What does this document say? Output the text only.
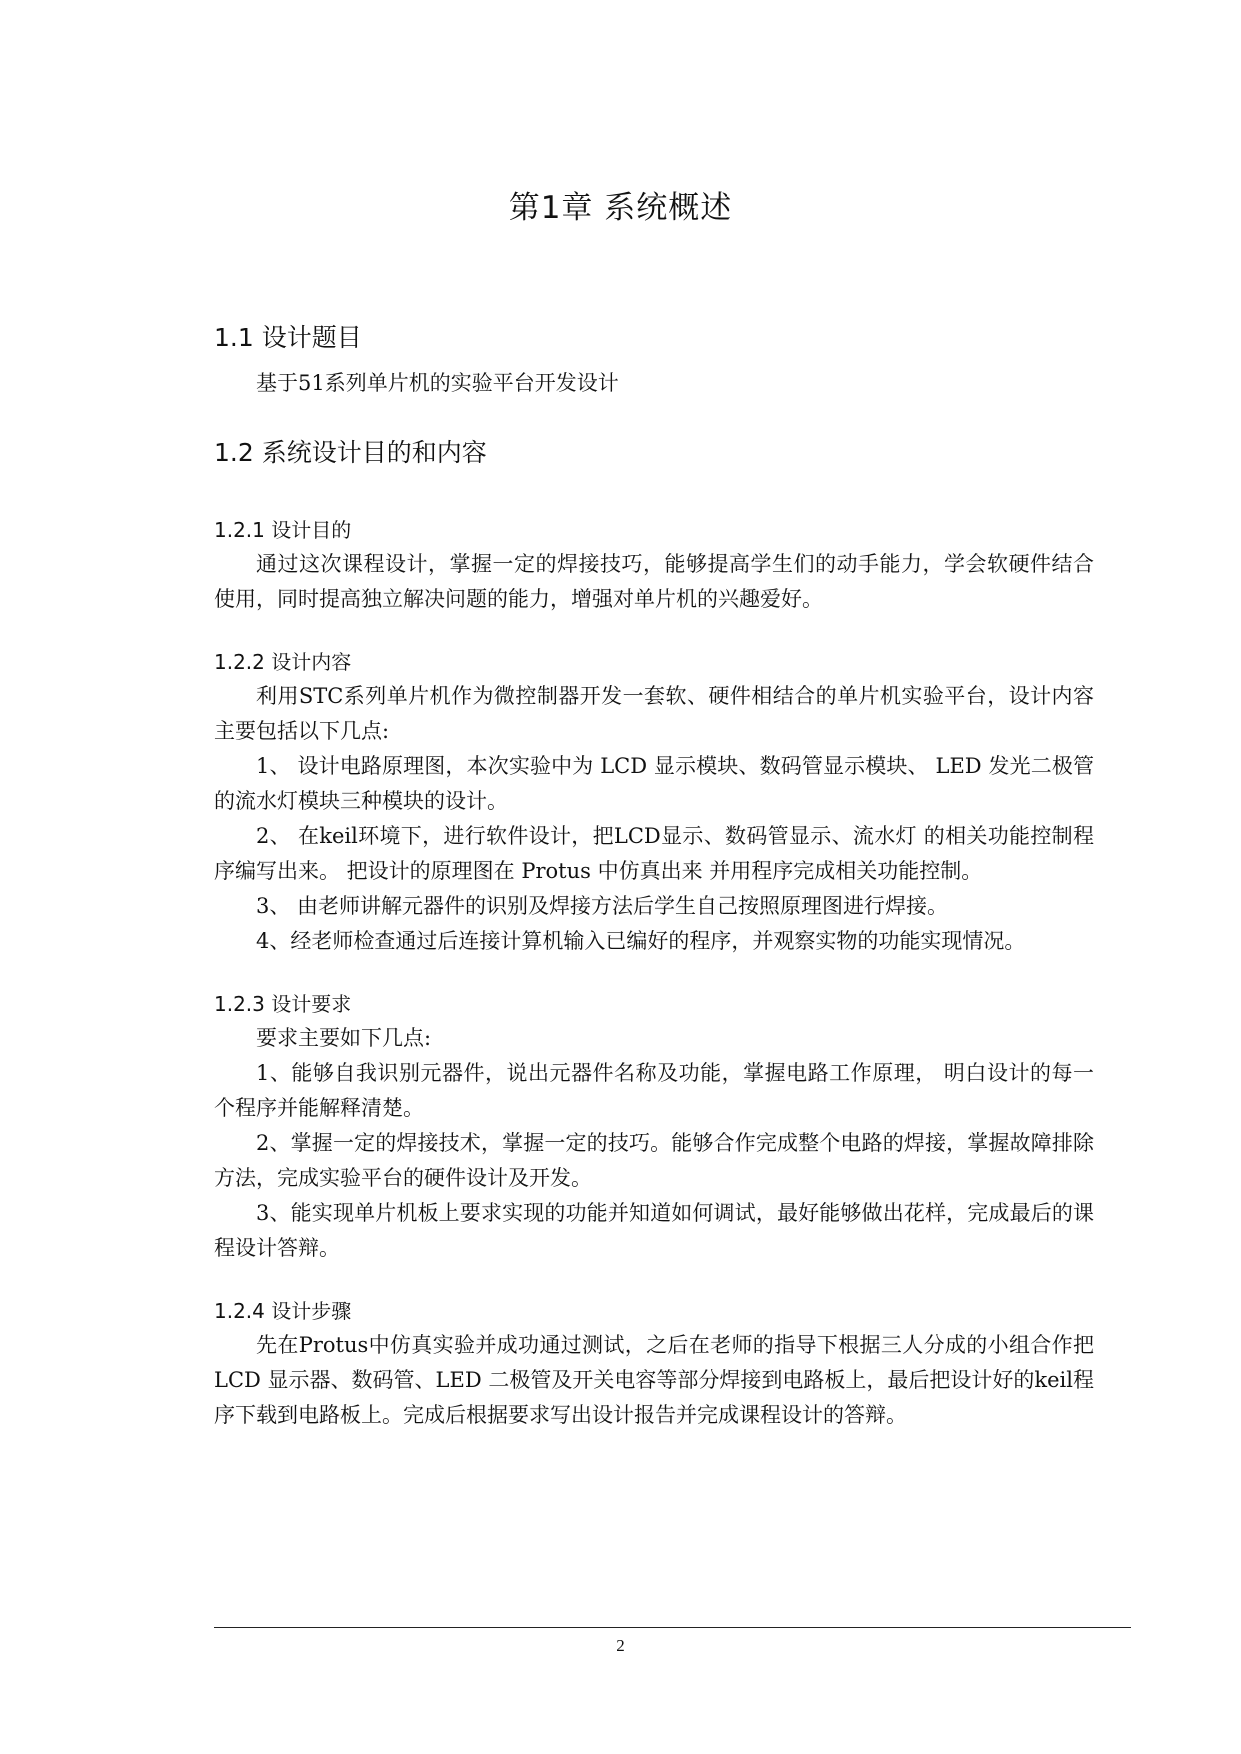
第1章 系统概述
1.1 设计题目
基于51系列单片机的实验平台开发设计
1.2 系统设计目的和内容
1.2.1 设计目的
通过这次课程设计，掌握一定的焊接技巧，能够提高学生们的动手能力，学会软硬件结合使用，同时提高独立解决问题的能力，增强对单片机的兴趣爱好。
1.2.2 设计内容
利用STC系列单片机作为微控制器开发一套软、硬件相结合的单片机实验平台，设计内容主要包括以下几点:
1、 设计电路原理图，本次实验中为 LCD 显示模块、数码管显示模块、 LED 发光二极管的流水灯模块三种模块的设计。
2、 在keil环境下，进行软件设计，把LCD显示、数码管显示、流水灯 的相关功能控制程序编写出来。 把设计的原理图在 Protus 中仿真出来 并用程序完成相关功能控制。
3、 由老师讲解元器件的识别及焊接方法后学生自己按照原理图进行焊接。
4、经老师检查通过后连接计算机输入已编好的程序，并观察实物的功能实现情况。
1.2.3 设计要求
要求主要如下几点:
1、能够自我识别元器件，说出元器件名称及功能，掌握电路工作原理， 明白设计的每一个程序并能解释清楚。
2、掌握一定的焊接技术，掌握一定的技巧。能够合作完成整个电路的焊接，掌握故障排除方法，完成实验平台的硬件设计及开发。
3、能实现单片机板上要求实现的功能并知道如何调试，最好能够做出花样，完成最后的课程设计答辩。
1.2.4 设计步骤
先在Protus中仿真实验并成功通过测试，之后在老师的指导下根据三人分成的小组合作把 LCD 显示器、数码管、LED 二极管及开关电容等部分焊接到电路板上，最后把设计好的keil程序下载到电路板上。完成后根据要求写出设计报告并完成课程设计的答辩。
2
